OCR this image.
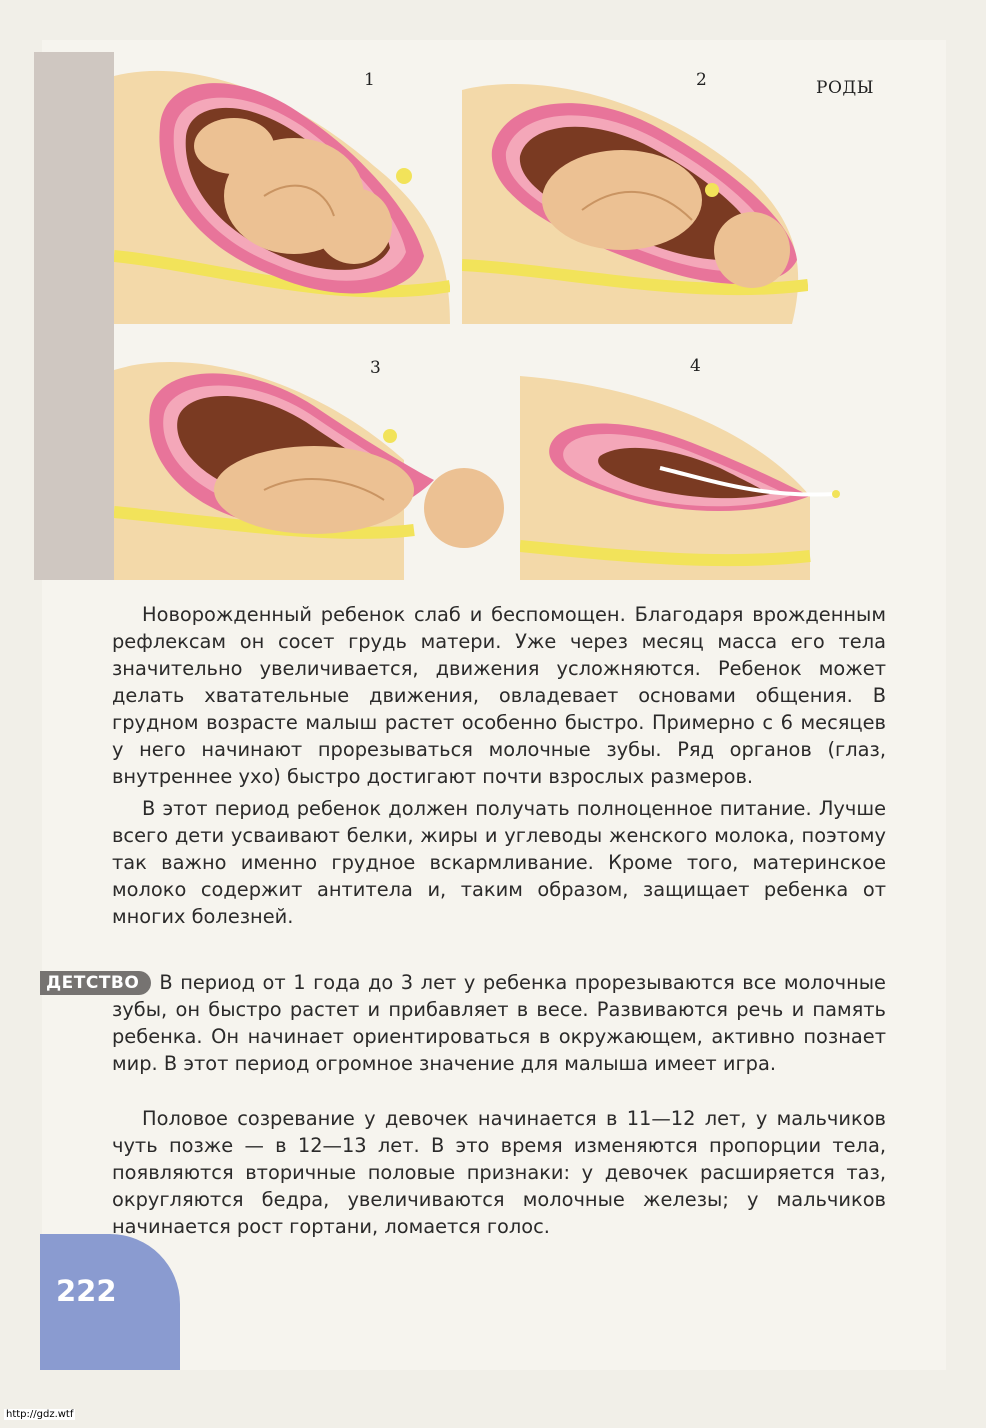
1	2	РОДЫ
3	4

Новорожденный ребенок слаб и беспомощен. Благодаря врожденным рефлексам он сосет грудь матери. Уже через месяц масса его тела значительно увеличивается, движения усложняются. Ребенок может делать хватательные движения, овладевает основами общения. В грудном возрасте малыш растет особенно быстро. Примерно с 6 месяцев у него начинают прорезываться молочные зубы. Ряд органов (глаз, внутреннее ухо) быстро достигают почти взрослых размеров.

В этот период ребенок должен получать полноценное питание. Лучше всего дети усваивают белки, жиры и углеводы женского молока, поэтому так важно именно грудное вскармливание. Кроме того, материнское молоко содержит антитела и, таким образом, защищает ребенка от многих болезней.

ДЕТСТВО В период от 1 года до 3 лет у ребенка прорезываются все молочные зубы, он быстро растет и прибавляет в весе. Развиваются речь и память ребенка. Он начинает ориентироваться в окружающем, активно познает мир. В этот период огромное значение для малыша имеет игра.

Половое созревание у девочек начинается в 11—12 лет, у мальчиков чуть позже — в 12—13 лет. В это время изменяются пропорции тела, появляются вторичные половые признаки: у девочек расширяется таз, округляются бедра, увеличиваются молочные железы; у мальчиков начинается рост гортани, ломается голос.

222
http://gdz.wtf
